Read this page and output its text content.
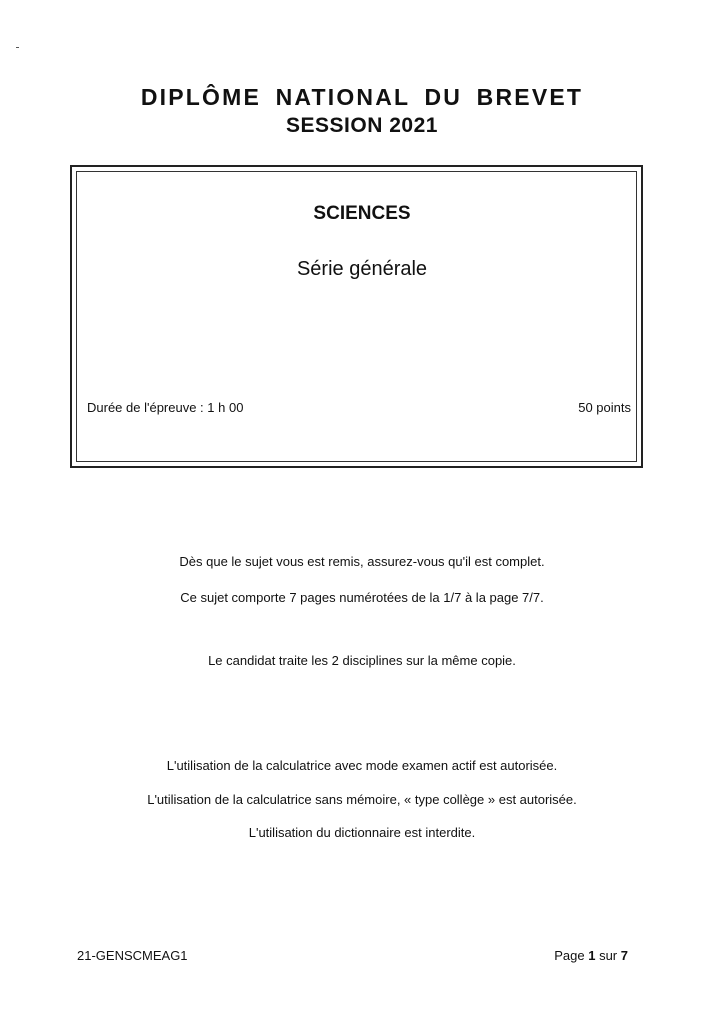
DIPLÔME NATIONAL DU BREVET
SESSION 2021
SCIENCES
Série générale
Durée de l'épreuve : 1 h 00	50 points
Dès que le sujet vous est remis, assurez-vous qu'il est complet.
Ce sujet comporte 7 pages numérotées de la 1/7 à la page 7/7.
Le candidat traite les 2 disciplines sur la même copie.
L'utilisation de la calculatrice avec mode examen actif est autorisée.
L'utilisation de la calculatrice sans mémoire, « type collège » est autorisée.
L'utilisation du dictionnaire est interdite.
21-GENSCMEAG1	Page 1 sur 7
